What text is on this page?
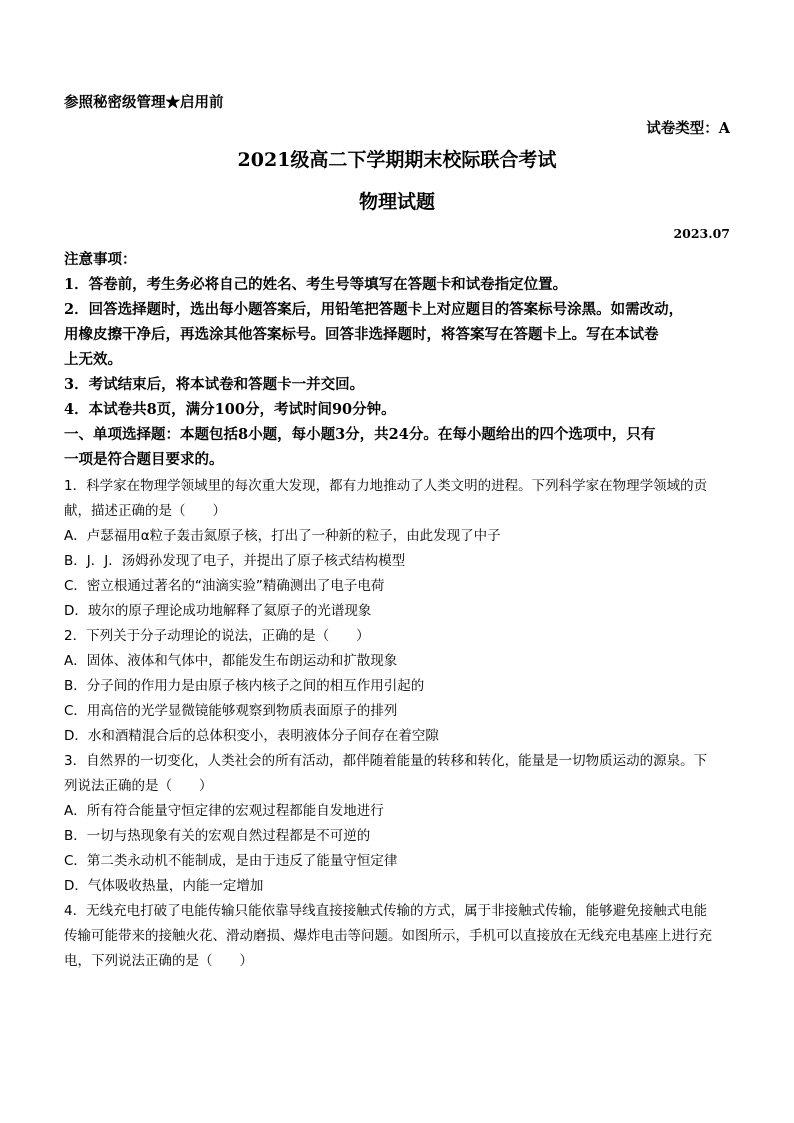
参照秘密级管理★启用前
试卷类型：A
2021级高二下学期期末校际联合考试
物理试题
2023.07
注意事项：
1．答卷前，考生务必将自己的姓名、考生号等填写在答题卡和试卷指定位置。
2．回答选择题时，选出每小题答案后，用铅笔把答题卡上对应题目的答案标号涂黑。如需改动，
用橡皮擦干净后，再选涂其他答案标号。回答非选择题时，将答案写在答题卡上。写在本试卷
上无效。
3．考试结束后，将本试卷和答题卡一并交回。
4．本试卷共8页，满分100分，考试时间90分钟。
一、单项选择题：本题包括8小题，每小题3分，共24分。在每小题给出的四个选项中，只有
一项是符合题目要求的。
1．科学家在物理学领域里的每次重大发现，都有力地推动了人类文明的进程。下列科学家在物理学领域的贡
献，描述正确的是（　　）
A．卢瑟福用α粒子轰击氮原子核，打出了一种新的粒子，由此发现了中子
B．J．J．汤姆孙发现了电子，并提出了原子核式结构模型
C．密立根通过著名的“油滴实验”精确测出了电子电荷
D．玻尔的原子理论成功地解释了氦原子的光谱现象
2．下列关于分子动理论的说法，正确的是（　　）
A．固体、液体和气体中，都能发生布朗运动和扩散现象
B．分子间的作用力是由原子核内核子之间的相互作用引起的
C．用高倍的光学显微镜能够观察到物质表面原子的排列
D．水和酒精混合后的总体积变小，表明液体分子间存在着空隙
3．自然界的一切变化，人类社会的所有活动，都伴随着能量的转移和转化，能量是一切物质运动的源泉。下
列说法正确的是（　　）
A．所有符合能量守恒定律的宏观过程都能自发地进行
B．一切与热现象有关的宏观自然过程都是不可逆的
C．第二类永动机不能制成，是由于违反了能量守恒定律
D．气体吸收热量，内能一定增加
4．无线充电打破了电能传输只能依靠导线直接接触式传输的方式，属于非接触式传输，能够避免接触式电能
传输可能带来的接触火花、滑动磨损、爆炸电击等问题。如图所示，手机可以直接放在无线充电基座上进行充
电，下列说法正确的是（　　）
